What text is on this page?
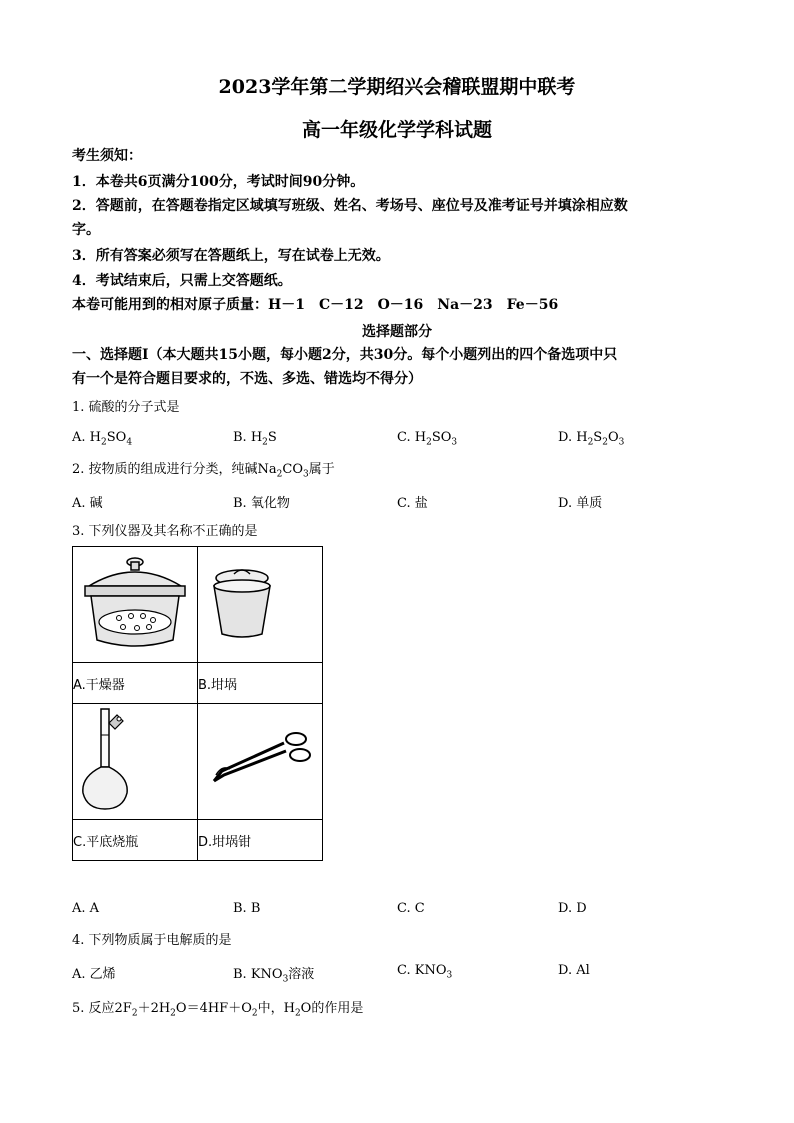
2023学年第二学期绍兴会稽联盟期中联考
高一年级化学学科试题
考生须知：
1．本卷共6页满分100分，考试时间90分钟。
2．答题前，在答题卷指定区域填写班级、姓名、考场号、座位号及准考证号并填涂相应数
字。
3．所有答案必须写在答题纸上，写在试卷上无效。
4．考试结束后，只需上交答题纸。
本卷可能用到的相对原子质量：H－1　C－12　O－16　Na－23　Fe－56
选择题部分
一、选择题Ⅰ（本大题共15小题，每小题2分，共30分。每个小题列出的四个备选项中只
有一个是符合题目要求的，不选、多选、错选均不得分）
1. 硫酸的分子式是
A. $H_2SO_4$	B. $H_2S$	C. $H_2SO_3$	D. $H_2S_2O_3$
2. 按物质的组成进行分类，纯碱$Na_2CO_3$属于
A. 碱	B. 氧化物	C. 盐	D. 单质
3. 下列仪器及其名称不正确的是

A.干燥器	B.坩埚

C.平底烧瓶	D.坩埚钳
A. A	B. B	C. C	D. D
4. 下列物质属于电解质的是
A. 乙烯	B. $KNO_3$溶液	C. $KNO_3$	D. Al
5. 反应$2F_2+2H_2O=4HF+O_2$中，$H_2O$的作用是
